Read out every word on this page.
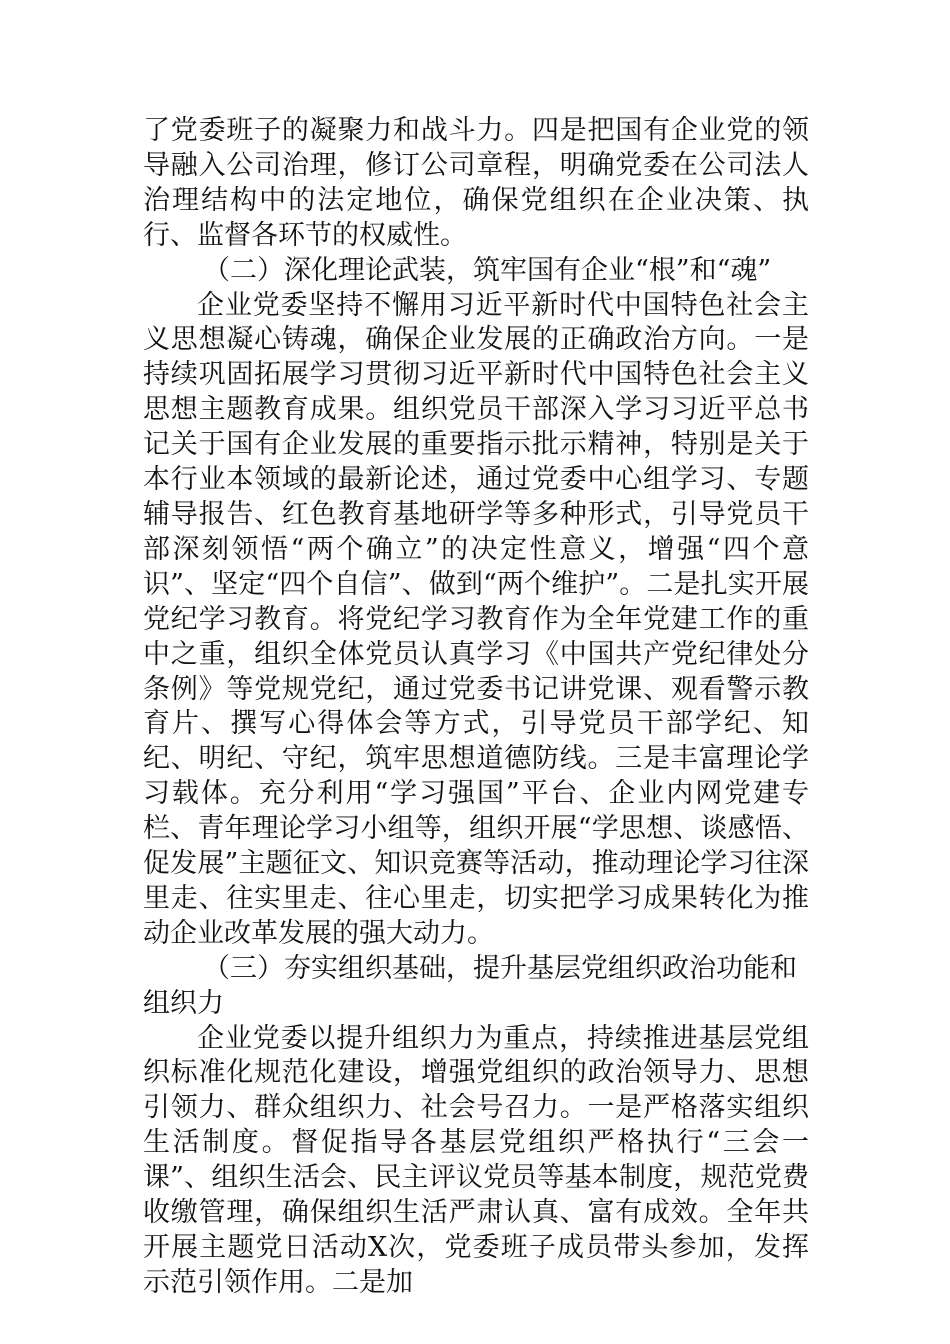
了党委班子的凝聚力和战斗力。四是把国有企业党的领导融入公司治理，修订公司章程，明确党委在公司法人治理结构中的法定地位，确保党组织在企业决策、执行、监督各环节的权威性。

（二）深化理论武装，筑牢国有企业“根”和“魂”

企业党委坚持不懈用习近平新时代中国特色社会主义思想凝心铸魂，确保企业发展的正确政治方向。一是持续巩固拓展学习贯彻习近平新时代中国特色社会主义思想主题教育成果。组织党员干部深入学习习近平总书记关于国有企业发展的重要指示批示精神，特别是关于本行业本领域的最新论述，通过党委中心组学习、专题辅导报告、红色教育基地研学等多种形式，引导党员干部深刻领悟“两个确立”的决定性意义，增强“四个意识”、坚定“四个自信”、做到“两个维护”。二是扎实开展党纪学习教育。将党纪学习教育作为全年党建工作的重中之重，组织全体党员认真学习《中国共产党纪律处分条例》等党规党纪，通过党委书记讲党课、观看警示教育片、撰写心得体会等方式，引导党员干部学纪、知纪、明纪、守纪，筑牢思想道德防线。三是丰富理论学习载体。充分利用“学习强国”平台、企业内网党建专栏、青年理论学习小组等，组织开展“学思想、谈感悟、促发展”主题征文、知识竞赛等活动，推动理论学习往深里走、往实里走、往心里走，切实把学习成果转化为推动企业改革发展的强大动力。

（三）夯实组织基础，提升基层党组织政治功能和组织力

企业党委以提升组织力为重点，持续推进基层党组织标准化规范化建设，增强党组织的政治领导力、思想引领力、群众组织力、社会号召力。一是严格落实组织生活制度。督促指导各基层党组织严格执行“三会一课”、组织生活会、民主评议党员等基本制度，规范党费收缴管理，确保组织生活严肃认真、富有成效。全年共开展主题党日活动X次，党委班子成员带头参加，发挥示范引领作用。二是加
